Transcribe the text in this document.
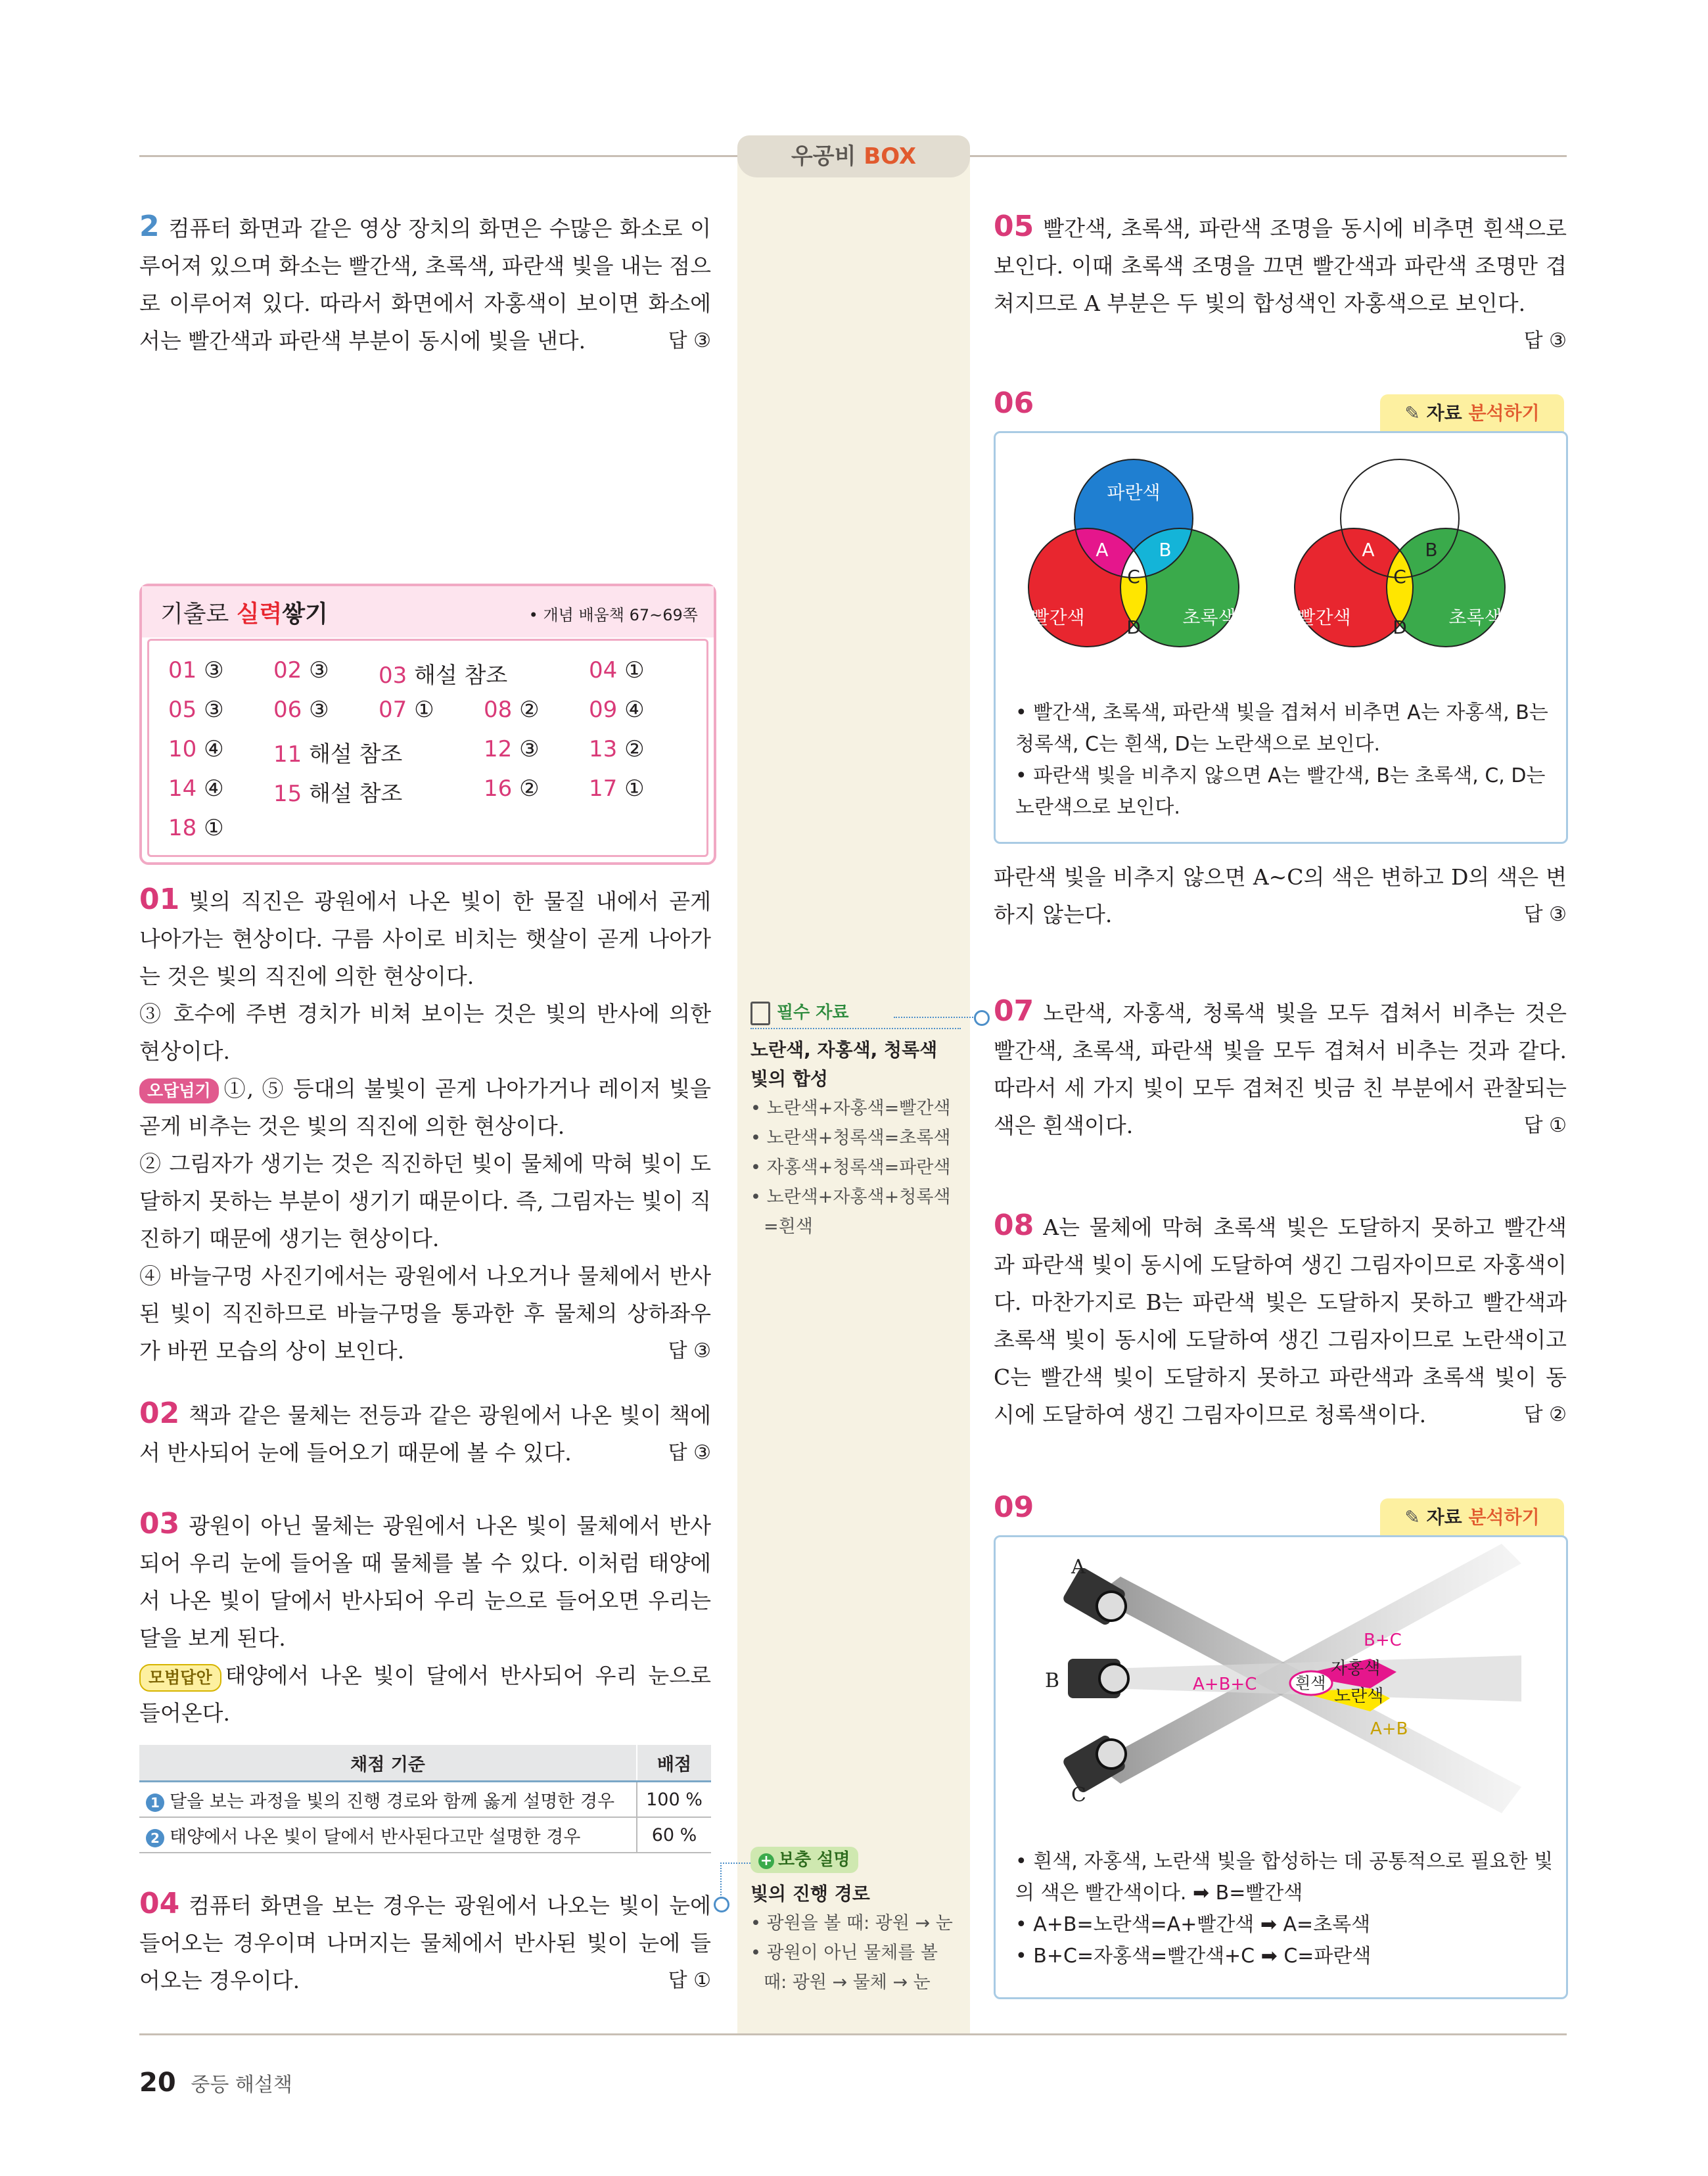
우공비 BOX

2 컴퓨터 화면과 같은 영상 장치의 화면은 수많은 화소로 이루어져 있으며 화소는 빨간색, 초록색, 파란색 빛을 내는 점으로 이루어져 있다. 따라서 화면에서 자홍색이 보이면 화소에서는 빨간색과 파란색 부분이 동시에 빛을 낸다.	답 ③

기출로 실력쌓기	• 개념 배움책 67~69쪽
01 ③ 02 ③ 03 해설 참조	04 ①
05 ③ 06 ③ 07 ① 08 ② 09 ④
10 ④ 11 해설 참조	12 ③ 13 ②
14 ④ 15 해설 참조	16 ② 17 ①
18 ①

01 빛의 직진은 광원에서 나온 빛이 한 물질 내에서 곧게 나아가는 현상이다. 구름 사이로 비치는 햇살이 곧게 나아가는 것은 빛의 직진에 의한 현상이다.

③ 호수에 주변 경치가 비쳐 보이는 것은 빛의 반사에 의한 현상이다.

오답넘기 ①, ⑤ 등대의 불빛이 곧게 나아가거나 레이저 빛을 곧게 비추는 것은 빛의 직진에 의한 현상이다.

② 그림자가 생기는 것은 직진하던 빛이 물체에 막혀 빛이 도달하지 못하는 부분이 생기기 때문이다. 즉, 그림자는 빛이 직진하기 때문에 생기는 현상이다.

④ 바늘구멍 사진기에서는 광원에서 나오거나 물체에서 반사된 빛이 직진하므로 바늘구멍을 통과한 후 물체의 상하좌우가 바뀐 모습의 상이 보인다.	답 ③

02 책과 같은 물체는 전등과 같은 광원에서 나온 빛이 책에서 반사되어 눈에 들어오기 때문에 볼 수 있다.	답 ③

03 광원이 아닌 물체는 광원에서 나온 빛이 물체에서 반사되어 우리 눈에 들어올 때 물체를 볼 수 있다. 이처럼 태양에서 나온 빛이 달에서 반사되어 우리 눈으로 들어오면 우리는 달을 보게 된다.

모범답안 태양에서 나온 빛이 달에서 반사되어 우리 눈으로 들어온다.

채점 기준	배점
1 달을 보는 과정을 빛의 진행 경로와 함께 옳게 설명한 경우	100 %
2 태양에서 나온 빛이 달에서 반사된다고만 설명한 경우	60 %

04 컴퓨터 화면을 보는 경우는 광원에서 나오는 빛이 눈에 들어오는 경우이며 나머지는 물체에서 반사된 빛이 눈에 들어오는 경우이다.	답 ①

필수 자료
노란색, 자홍색, 청록색 빛의 합성
• 노란색+자홍색=빨간색
• 노란색+청록색=초록색
• 자홍색+청록색=파란색
• 노란색+자홍색+청록색
=흰색
+ 보충 설명
빛의 진행 경로
• 광원을 볼 때: 광원 → 눈
• 광원이 아닌 물체를 볼
때: 광원 → 물체 → 눈

05 빨간색, 초록색, 파란색 조명을 동시에 비추면 흰색으로 보인다. 이때 초록색 조명을 끄면 빨간색과 파란색 조명만 겹쳐지므로 A 부분은 두 빛의 합성색인 자홍색으로 보인다.
답 ③

06	✎ 자료 분석하기
파란색
빨간색	초록색
A	B
C
D	빨간색	초록색
A	B
C
D
• 빨간색, 초록색, 파란색 빛을 겹쳐서 비추면 A는 자홍색, B는
청록색, C는 흰색, D는 노란색으로 보인다.
• 파란색 빛을 비추지 않으면 A는 빨간색, B는 초록색, C, D는
노란색으로 보인다.

파란색 빛을 비추지 않으면 A~C의 색은 변하고 D의 색은 변하지 않는다.	답 ③

07 노란색, 자홍색, 청록색 빛을 모두 겹쳐서 비추는 것은 빨간색, 초록색, 파란색 빛을 모두 겹쳐서 비추는 것과 같다. 따라서 세 가지 빛이 모두 겹쳐진 빗금 친 부분에서 관찰되는 색은 흰색이다.	답 ①

08 A는 물체에 막혀 초록색 빛은 도달하지 못하고 빨간색과 파란색 빛이 동시에 도달하여 생긴 그림자이므로 자홍색이다. 마찬가지로 B는 파란색 빛은 도달하지 못하고 빨간색과 초록색 빛이 동시에 도달하여 생긴 그림자이므로 노란색이고 C는 빨간색 빛이 도달하지 못하고 파란색과 초록색 빛이 동시에 도달하여 생긴 그림자이므로 청록색이다.	답 ②

09	✎ 자료 분석하기
A
B
C
B+C
자홍색
A+B+C 흰색
노란색
A+B
• 흰색, 자홍색, 노란색 빛을 합성하는 데 공통적으로 필요한 빛
의 색은 빨간색이다. ➡ B=빨간색
• A+B=노란색=A+빨간색 ➡ A=초록색
• B+C=자홍색=빨간색+C ➡ C=파란색
20 중등 해설책
